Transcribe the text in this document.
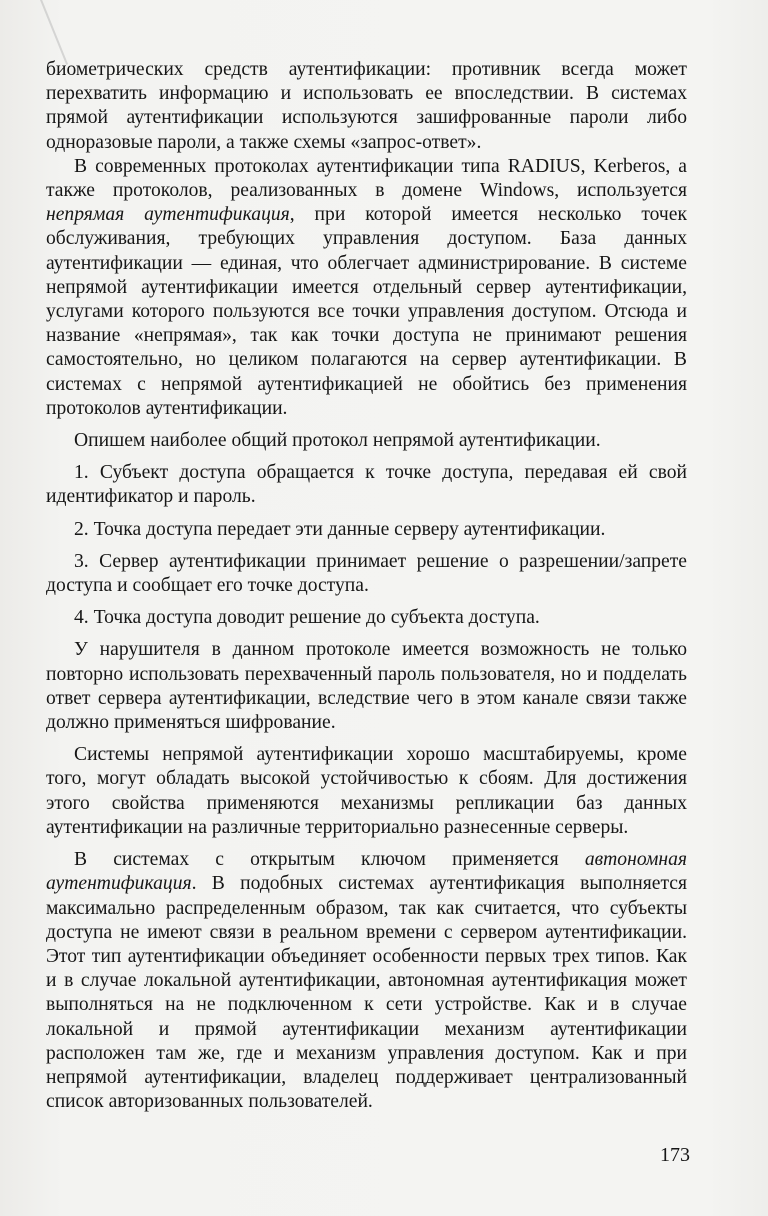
биометрических средств аутентификации: противник всегда может перехватить информацию и использовать ее впоследствии. В системах прямой аутентификации используются зашифрованные пароли либо одноразовые пароли, а также схемы «запрос-ответ».

В современных протоколах аутентификации типа RADIUS, Kerberos, а также протоколов, реализованных в домене Windows, используется непрямая аутентификация, при которой имеется несколько точек обслуживания, требующих управления доступом. База данных аутентификации — единая, что облегчает администрирование. В системе непрямой аутентификации имеется отдельный сервер аутентификации, услугами которого пользуются все точки управления доступом. Отсюда и название «непрямая», так как точки доступа не принимают решения самостоятельно, но целиком полагаются на сервер аутентификации. В системах с непрямой аутентификацией не обойтись без применения протоколов аутентификации.

Опишем наиболее общий протокол непрямой аутентификации.

1. Субъект доступа обращается к точке доступа, передавая ей свой идентификатор и пароль.

2. Точка доступа передает эти данные серверу аутентификации.

3. Сервер аутентификации принимает решение о разрешении/запрете доступа и сообщает его точке доступа.

4. Точка доступа доводит решение до субъекта доступа.

У нарушителя в данном протоколе имеется возможность не только повторно использовать перехваченный пароль пользователя, но и подделать ответ сервера аутентификации, вследствие чего в этом канале связи также должно применяться шифрование.

Системы непрямой аутентификации хорошо масштабируемы, кроме того, могут обладать высокой устойчивостью к сбоям. Для достижения этого свойства применяются механизмы репликации баз данных аутентификации на различные территориально разнесенные серверы.

В системах с открытым ключом применяется автономная аутентификация. В подобных системах аутентификация выполняется максимально распределенным образом, так как считается, что субъекты доступа не имеют связи в реальном времени с сервером аутентификации. Этот тип аутентификации объединяет особенности первых трех типов. Как и в случае локальной аутентификации, автономная аутентификация может выполняться на не подключенном к сети устройстве. Как и в случае локальной и прямой аутентификации механизм аутентификации расположен там же, где и механизм управления доступом. Как и при непрямой аутентификации, владелец поддерживает централизованный список авторизованных пользователей.

173
